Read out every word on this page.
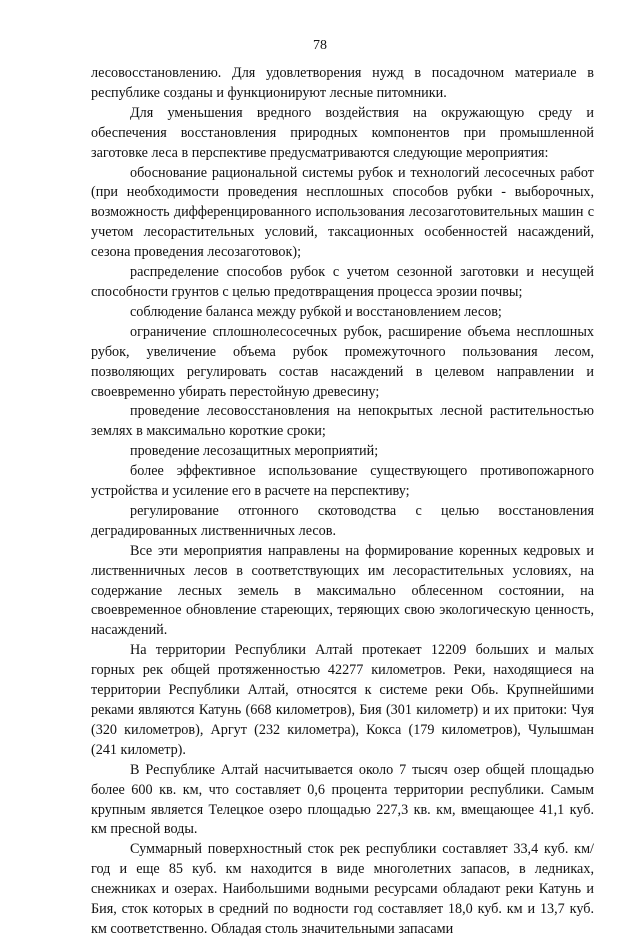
78

лесовосстановлению. Для удовлетворения нужд в посадочном материале в республике созданы и функционируют лесные питомники.

Для уменьшения вредного воздействия на окружающую среду и обеспечения восстановления природных компонентов при промышленной заготовке леса в перспективе предусматриваются следующие мероприятия:

обоснование рациональной системы рубок и технологий лесосечных работ (при необходимости проведения несплошных способов рубки - выборочных, возможность дифференцированного использования лесозаготовительных машин с учетом лесорастительных условий, таксационных особенностей насаждений, сезона проведения лесозаготовок);

распределение способов рубок с учетом сезонной заготовки и несущей способности грунтов с целью предотвращения процесса эрозии почвы;

соблюдение баланса между рубкой и восстановлением лесов;

ограничение сплошнолесосечных рубок, расширение объема несплошных рубок, увеличение объема рубок промежуточного пользования лесом, позволяющих регулировать состав насаждений в целевом направлении и своевременно убирать перестойную древесину;

проведение лесовосстановления на непокрытых лесной растительностью землях в максимально короткие сроки;

проведение лесозащитных мероприятий;

более эффективное использование существующего противопожарного устройства и усиление его в расчете на перспективу;

регулирование отгонного скотоводства с целью восстановления деградированных лиственничных лесов.

Все эти мероприятия направлены на формирование коренных кедровых и лиственничных лесов в соответствующих им лесорастительных условиях, на содержание лесных земель в максимально облесенном состоянии, на своевременное обновление стареющих, теряющих свою экологическую ценность, насаждений.

На территории Республики Алтай протекает 12209 больших и малых горных рек общей протяженностью 42277 километров. Реки, находящиеся на территории Республики Алтай, относятся к системе реки Обь. Крупнейшими реками являются Катунь (668 километров), Бия (301 километр) и их притоки: Чуя (320 километров), Аргут (232 километра), Кокса (179 километров), Чулышман (241 километр).

В Республике Алтай насчитывается около 7 тысяч озер общей площадью более 600 кв. км, что составляет 0,6 процента территории республики. Самым крупным является Телецкое озеро площадью 227,3 кв. км, вмещающее 41,1 куб. км пресной воды.

Суммарный поверхностный сток рек республики составляет 33,4 куб. км/год и еще 85 куб. км находится в виде многолетних запасов, в ледниках, снежниках и озерах. Наибольшими водными ресурсами обладают реки Катунь и Бия, сток которых в средний по водности год составляет 18,0 куб. км и 13,7 куб. км соответственно. Обладая столь значительными запасами
